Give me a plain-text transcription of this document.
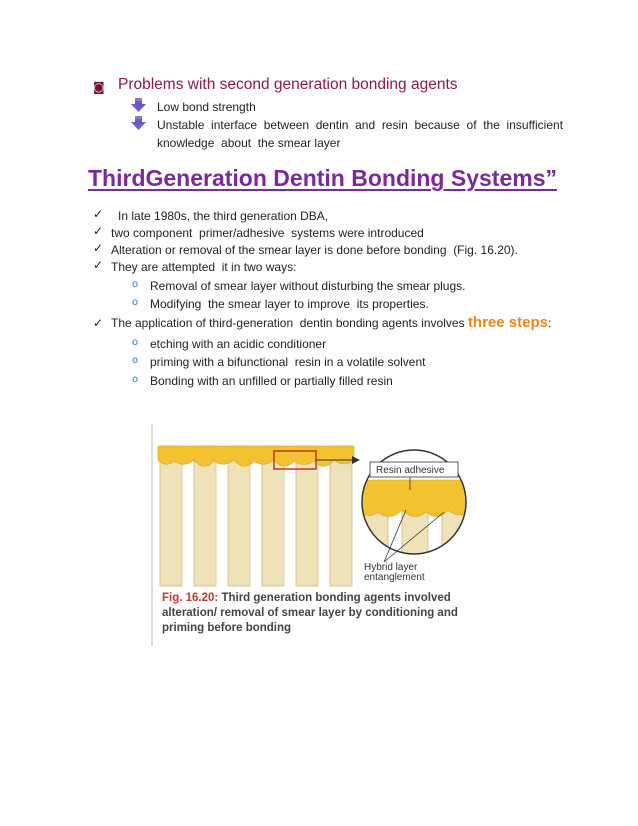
◙ Problems with second generation bonding agents
Low bond strength
Unstable  interface  between  dentin  and  resin  because  of  the  insufficient
knowledge  about  the smear layer
ThirdGeneration Dentin Bonding Systems”
✓ In late 1980s, the third generation DBA,
✓ two component  primer/adhesive  systems were introduced
✓ Alteration or removal of the smear layer is done before bonding  (Fig. 16.20).
✓ They are attempted  it in two ways:
o Removal of smear layer without disturbing the smear plugs.
o Modifying  the smear layer to improve  its properties.
✓ The application of third-generation  dentin bonding agents involves three steps:
o etching with an acidic conditioner
o priming with a bifunctional  resin in a volatile solvent
o Bonding with an unfilled or partially filled resin
Resin adhesive
Hybrid layer
entanglement
Fig. 16.20: Third generation bonding agents involved alteration/ removal of smear layer by conditioning and priming before bonding
